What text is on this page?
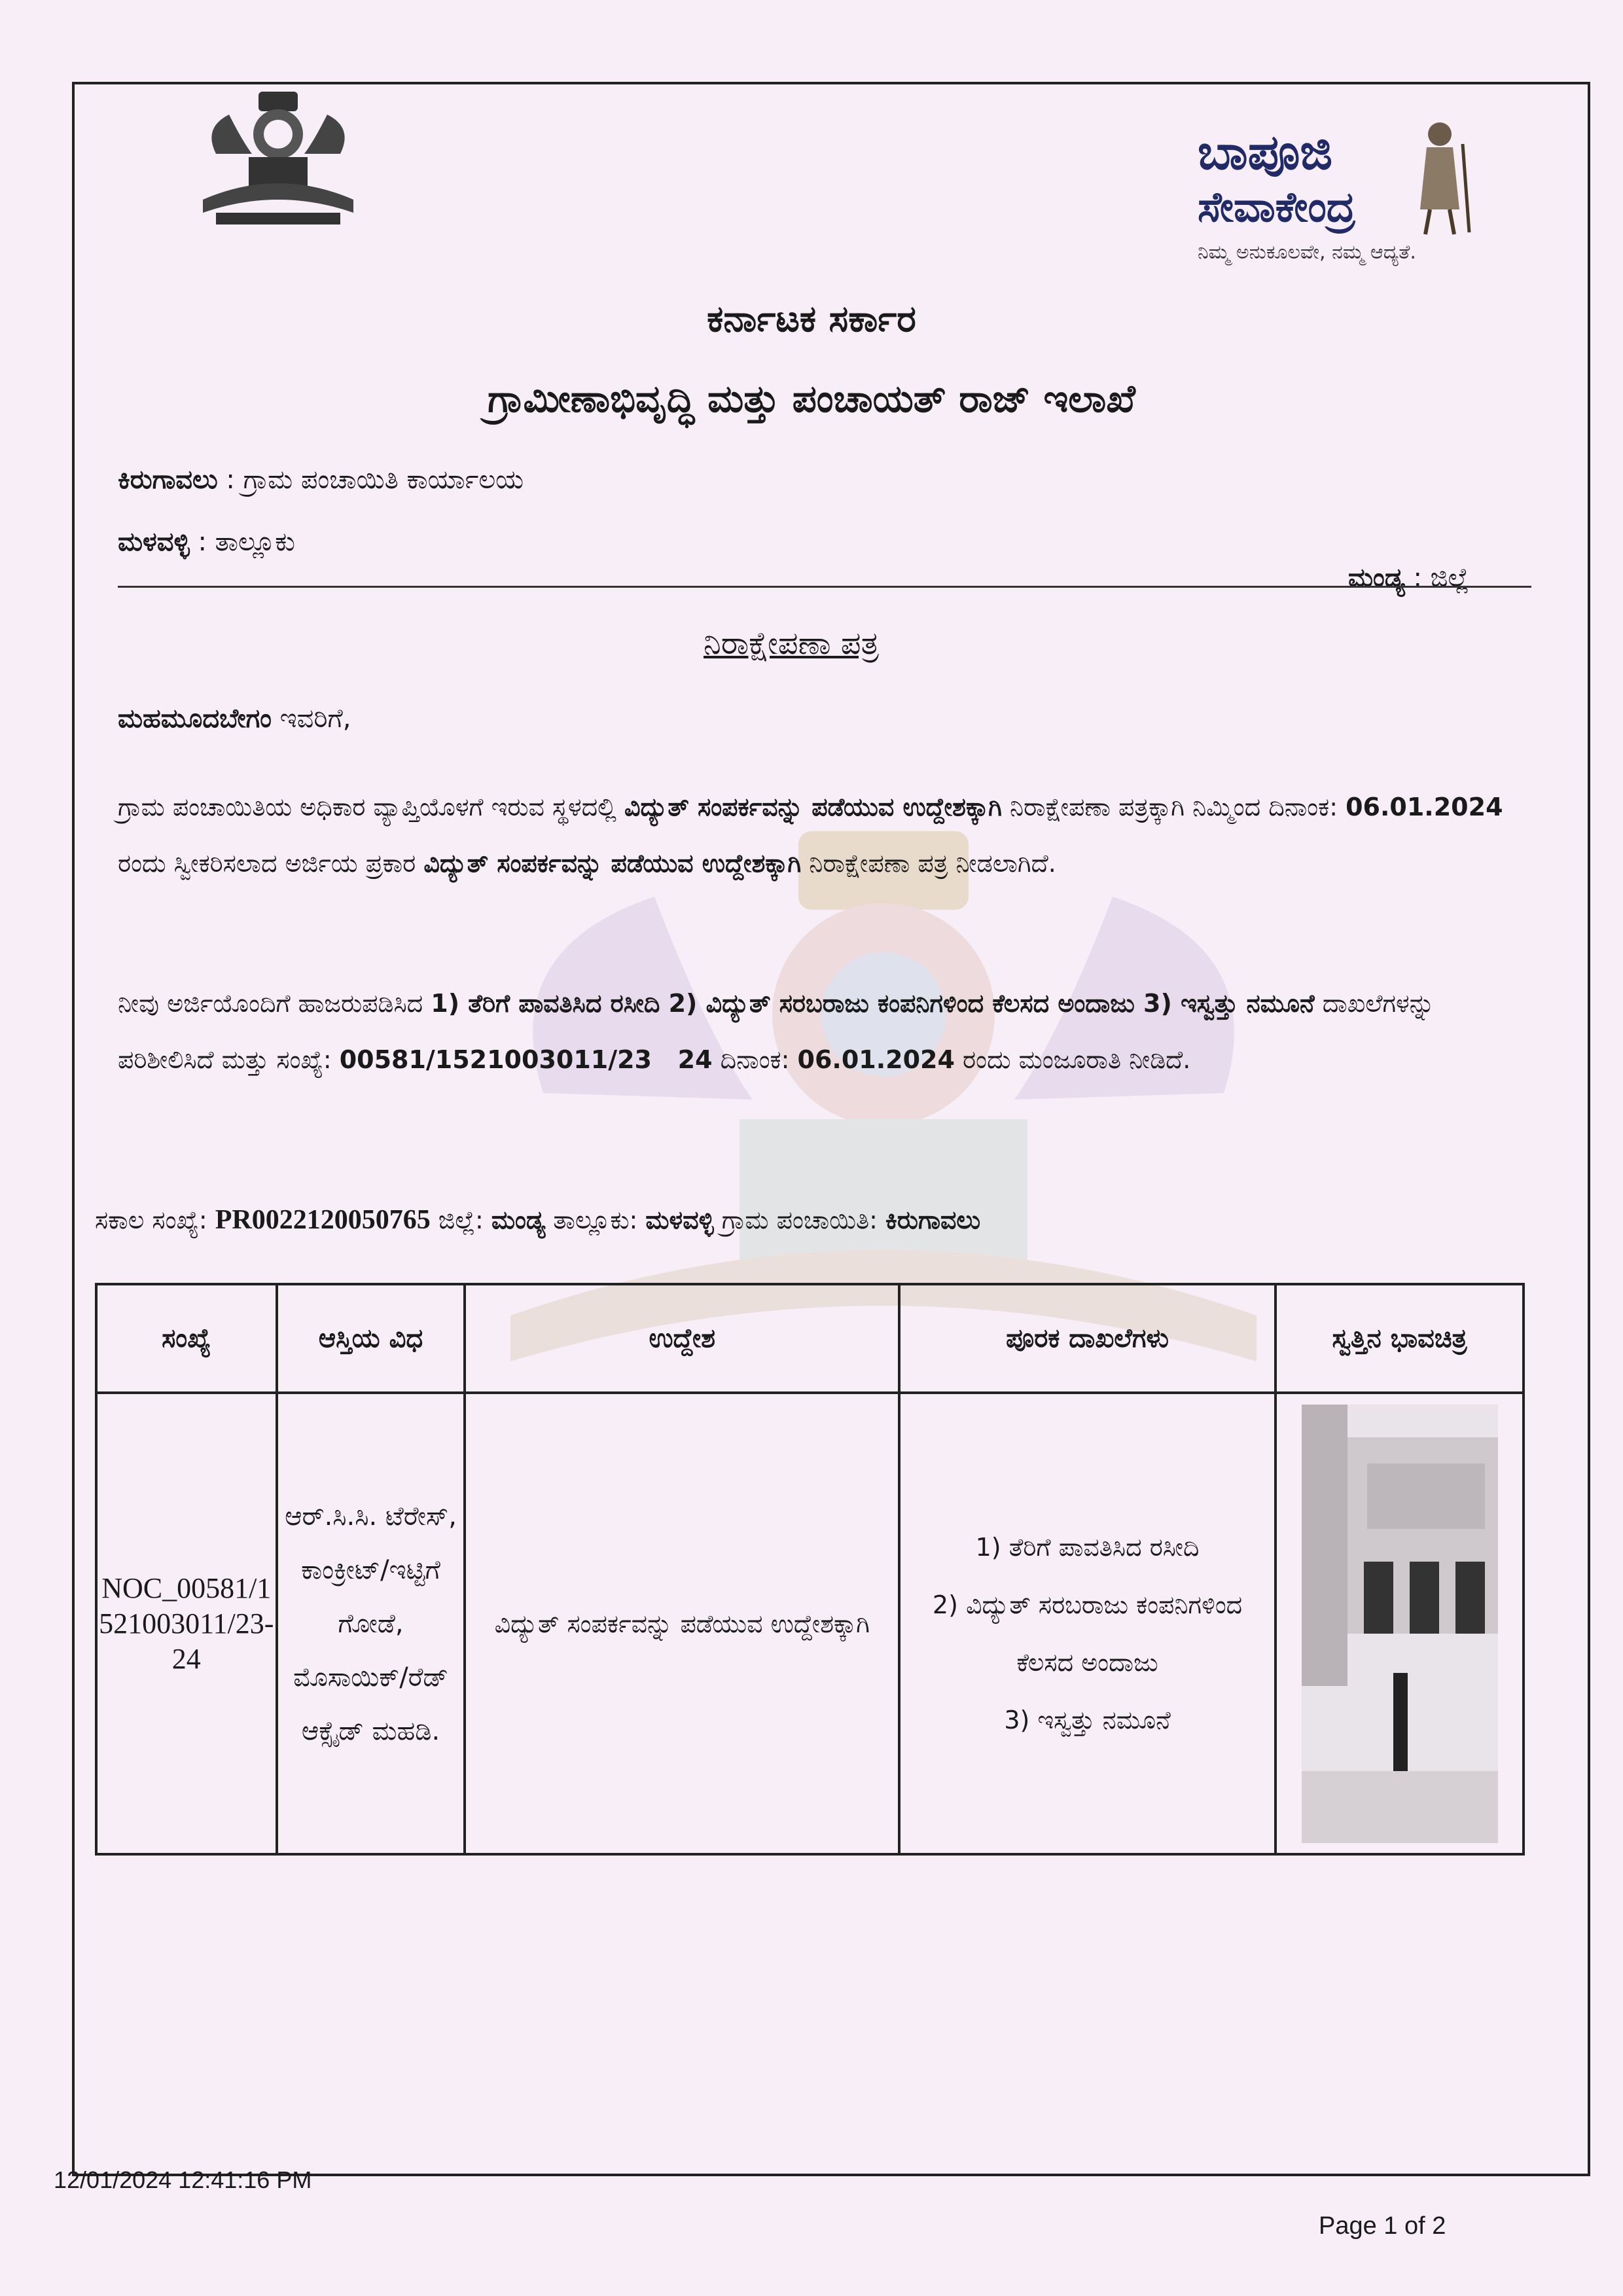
ಬಾಪೂಜಿ
ಸೇವಾಕೇಂದ್ರ
ನಿಮ್ಮ ಅನುಕೂಲವೇ, ನಮ್ಮ ಆದ್ಯತೆ.
ಕರ್ನಾಟಕ ಸರ್ಕಾರ
ಗ್ರಾಮೀಣಾಭಿವೃದ್ಧಿ ಮತ್ತು ಪಂಚಾಯತ್ ರಾಜ್ ಇಲಾಖೆ
ಕಿರುಗಾವಲು : ಗ್ರಾಮ ಪಂಚಾಯಿತಿ ಕಾರ್ಯಾಲಯ
ಮಳವಳ್ಳಿ : ತಾಲ್ಲೂಕು
ಮಂಡ್ಯ : ಜಿಲ್ಲೆ
ನಿರಾಕ್ಷೇಪಣಾ ಪತ್ರ
ಮಹಮೂದಬೇಗಂ ಇವರಿಗೆ,
ಗ್ರಾಮ ಪಂಚಾಯಿತಿಯ ಅಧಿಕಾರ ವ್ಯಾಪ್ತಿಯೊಳಗೆ ಇರುವ ಸ್ಥಳದಲ್ಲಿ ವಿದ್ಯುತ್ ಸಂಪರ್ಕವನ್ನು ಪಡೆಯುವ ಉದ್ದೇಶಕ್ಕಾಗಿ ನಿರಾಕ್ಷೇಪಣಾ ಪತ್ರಕ್ಕಾಗಿ ನಿಮ್ಮಿಂದ ದಿನಾಂಕ: 06.01.2024 ರಂದು ಸ್ವೀಕರಿಸಲಾದ ಅರ್ಜಿಯ ಪ್ರಕಾರ ವಿದ್ಯುತ್ ಸಂಪರ್ಕವನ್ನು ಪಡೆಯುವ ಉದ್ದೇಶಕ್ಕಾಗಿ ನಿರಾಕ್ಷೇಪಣಾ ಪತ್ರ ನೀಡಲಾಗಿದೆ.
ನೀವು ಅರ್ಜಿಯೊಂದಿಗೆ ಹಾಜರುಪಡಿಸಿದ 1) ತೆರಿಗೆ ಪಾವತಿಸಿದ ರಸೀದಿ 2) ವಿದ್ಯುತ್ ಸರಬರಾಜು ಕಂಪನಿಗಳಿಂದ ಕೆಲಸದ ಅಂದಾಜು 3) ಇಸ್ವತ್ತು ನಮೂನೆ ದಾಖಲೆಗಳನ್ನು ಪರಿಶೀಲಿಸಿದೆ ಮತ್ತು ಸಂಖ್ಯೆ: 00581/1521003011/23   24 ದಿನಾಂಕ: 06.01.2024 ರಂದು ಮಂಜೂರಾತಿ ನೀಡಿದೆ.
ಸಕಾಲ ಸಂಖ್ಯೆ: PR0022120050765 ಜಿಲ್ಲೆ: ಮಂಡ್ಯ ತಾಲ್ಲೂಕು: ಮಳವಳ್ಳಿ ಗ್ರಾಮ ಪಂಚಾಯಿತಿ: ಕಿರುಗಾವಲು
ಸಂಖ್ಯೆ	ಆಸ್ತಿಯ ವಿಧ	ಉದ್ದೇಶ	ಪೂರಕ ದಾಖಲೆಗಳು	ಸ್ವತ್ತಿನ ಭಾವಚಿತ್ರ
NOC_00581/1521003011/23-24	ಆರ್.ಸಿ.ಸಿ. ಟೆರೇಸ್, ಕಾಂಕ್ರೀಟ್/ಇಟ್ಟಿಗೆ ಗೋಡೆ, ಮೊಸಾಯಿಕ್/ರೆಡ್ ಆಕ್ಸೈಡ್ ಮಹಡಿ.	ವಿದ್ಯುತ್ ಸಂಪರ್ಕವನ್ನು ಪಡೆಯುವ ಉದ್ದೇಶಕ್ಕಾಗಿ	1) ತೆರಿಗೆ ಪಾವತಿಸಿದ ರಸೀದಿ
2) ವಿದ್ಯುತ್ ಸರಬರಾಜು ಕಂಪನಿಗಳಿಂದ ಕೆಲಸದ ಅಂದಾಜು
3) ಇಸ್ವತ್ತು ನಮೂನೆ

12/01/2024 12:41:16 PM
Page 1 of 2
